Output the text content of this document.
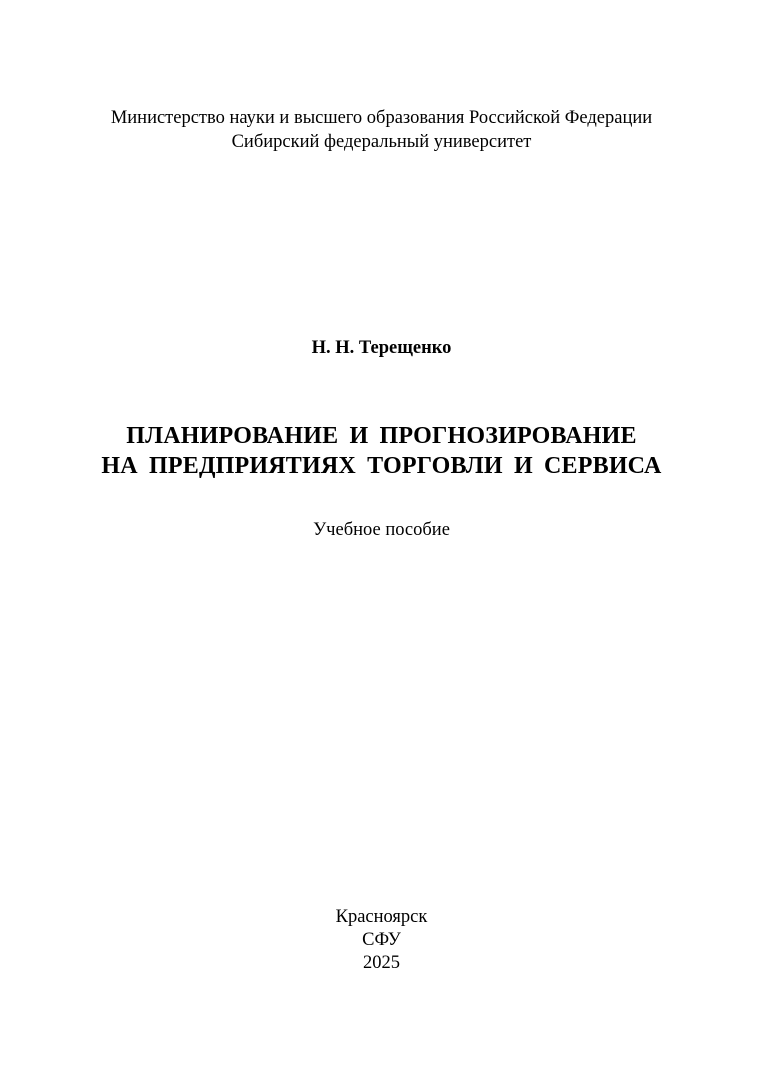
Министерство науки и высшего образования Российской Федерации
Сибирский федеральный университет
Н. Н. Терещенко
ПЛАНИРОВАНИЕ И ПРОГНОЗИРОВАНИЕ
НА ПРЕДПРИЯТИЯХ ТОРГОВЛИ И СЕРВИСА
Учебное пособие
Красноярск
СФУ
2025
